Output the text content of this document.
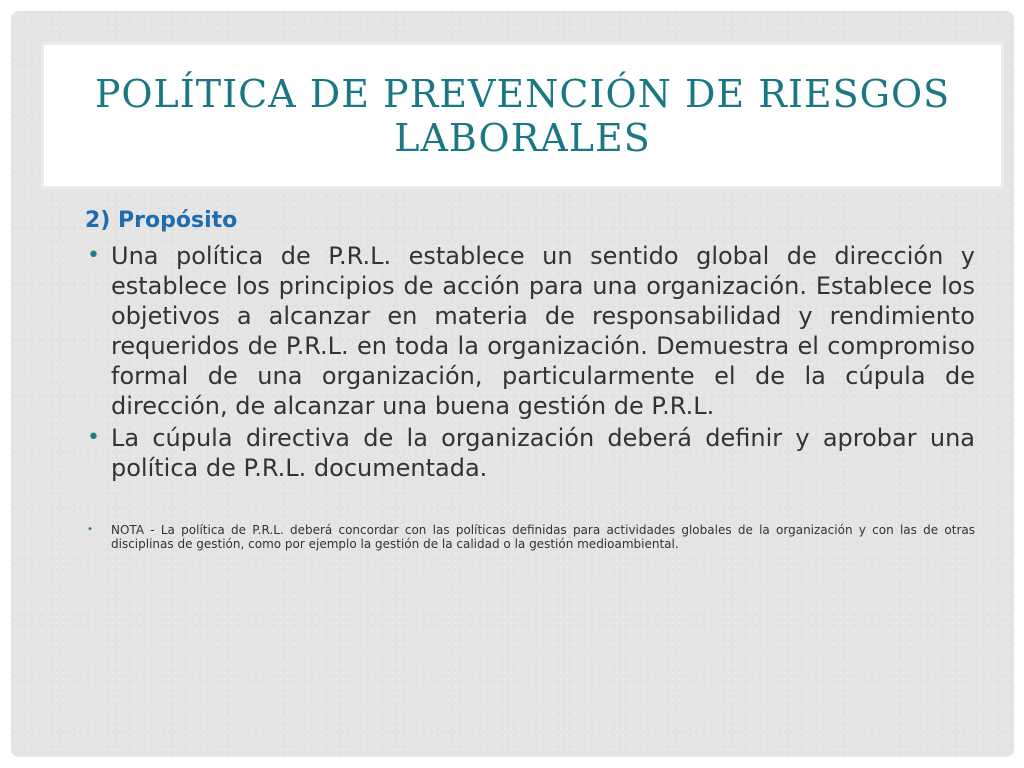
POLÍTICA DE PREVENCIÓN DE RIESGOS LABORALES
2) Propósito
• Una política de P.R.L. establece un sentido global de dirección y establece los principios de acción para una organización. Establece los objetivos a alcanzar en materia de responsabilidad y rendimiento requeridos de P.R.L. en toda la organización. Demuestra el compromiso formal de una organización, particularmente el de la cúpula de dirección, de alcanzar una buena gestión de P.R.L.
• La cúpula directiva de la organización deberá definir y aprobar una política de P.R.L. documentada.
• NOTA - La política de P.R.L. deberá concordar con las políticas definidas para actividades globales de la organización y con las de otras disciplinas de gestión, como por ejemplo la gestión de la calidad o la gestión medioambiental.
